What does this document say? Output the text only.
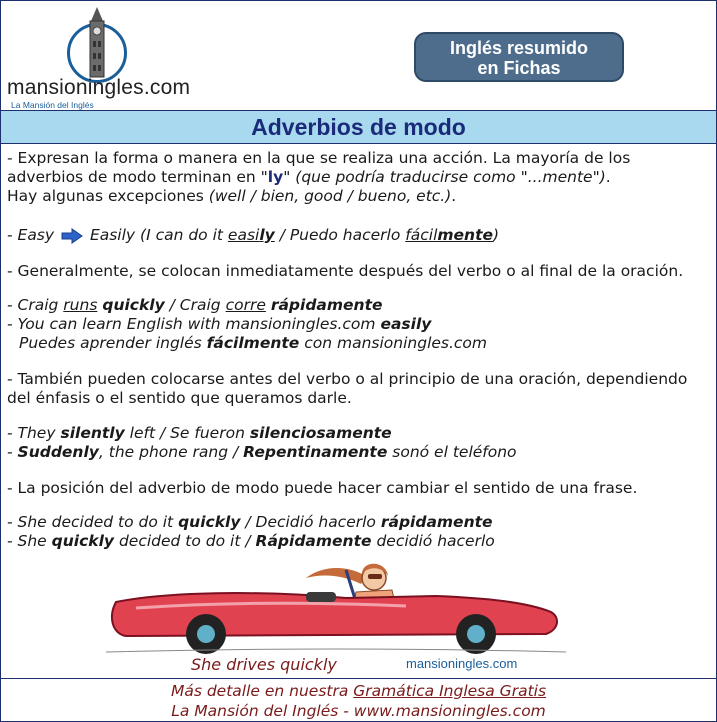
mansioningles.com
La Mansión del Inglés
Inglés resumido
en Fichas
Adverbios de modo
- Expresan la forma o manera en la que se realiza una acción. La mayoría de los
adverbios de modo terminan en "ly" (que podría traducirse como "...mente").
Hay algunas excepciones (well / bien, good / bueno, etc.).
- Easy Easily (I can do it easily / Puedo hacerlo fácilmente)
- Generalmente, se colocan inmediatamente después del verbo o al final de la oración.
- Craig runs quickly / Craig corre rápidamente
- You can learn English with mansioningles.com easily
Puedes aprender inglés fácilmente con mansioningles.com
- También pueden colocarse antes del verbo o al principio de una oración, dependiendo
del énfasis o el sentido que queramos darle.
- They silently left / Se fueron silenciosamente
- Suddenly, the phone rang / Repentinamente sonó el teléfono
- La posición del adverbio de modo puede hacer cambiar el sentido de una frase.
- She decided to do it quickly / Decidió hacerlo rápidamente
- She quickly decided to do it / Rápidamente decidió hacerlo
She drives quickly	mansioningles.com
Más detalle en nuestra Gramática Inglesa Gratis
La Mansión del Inglés - www.mansioningles.com
